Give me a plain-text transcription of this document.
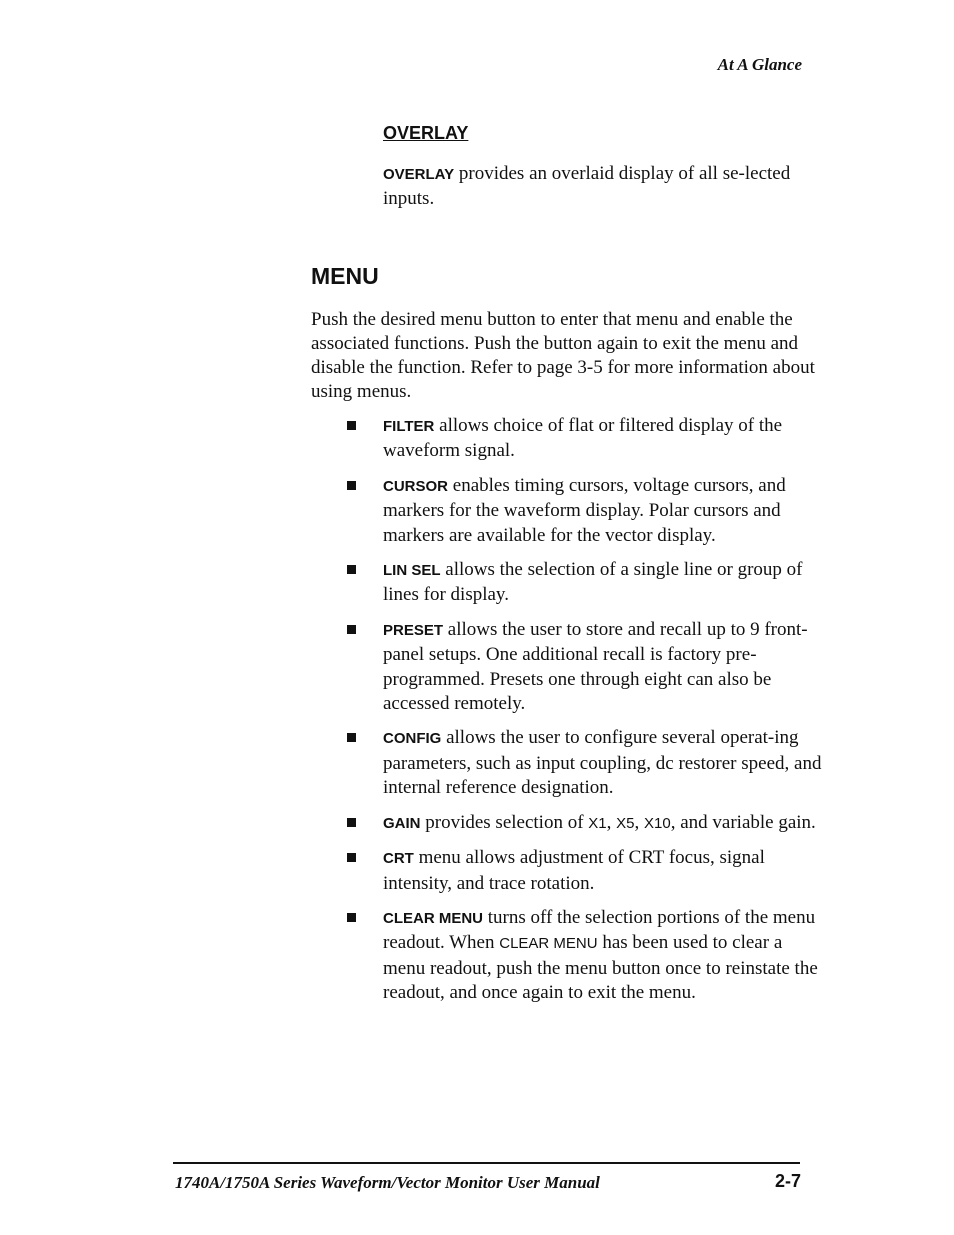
At A Glance
OVERLAY
OVERLAY provides an overlaid display of all se-lected inputs.
MENU
Push the desired menu button to enter that menu and enable the associated functions. Push the button again to exit the menu and disable the function. Refer to page 3-5 for more information about using menus.
FILTER allows choice of flat or filtered display of the waveform signal.
CURSOR enables timing cursors, voltage cursors, and markers for the waveform display. Polar cursors and markers are available for the vector display.
LIN SEL allows the selection of a single line or group of lines for display.
PRESET allows the user to store and recall up to 9 front-panel setups. One additional recall is factory pre-programmed. Presets one through eight can also be accessed remotely.
CONFIG allows the user to configure several operat-ing parameters, such as input coupling, dc restorer speed, and internal reference designation.
GAIN provides selection of X1, X5, X10, and variable gain.
CRT menu allows adjustment of CRT focus, signal intensity, and trace rotation.
CLEAR MENU turns off the selection portions of the menu readout. When CLEAR MENU has been used to clear a menu readout, push the menu button once to reinstate the readout, and once again to exit the menu.
1740A/1750A Series Waveform/Vector Monitor User Manual	2-7
